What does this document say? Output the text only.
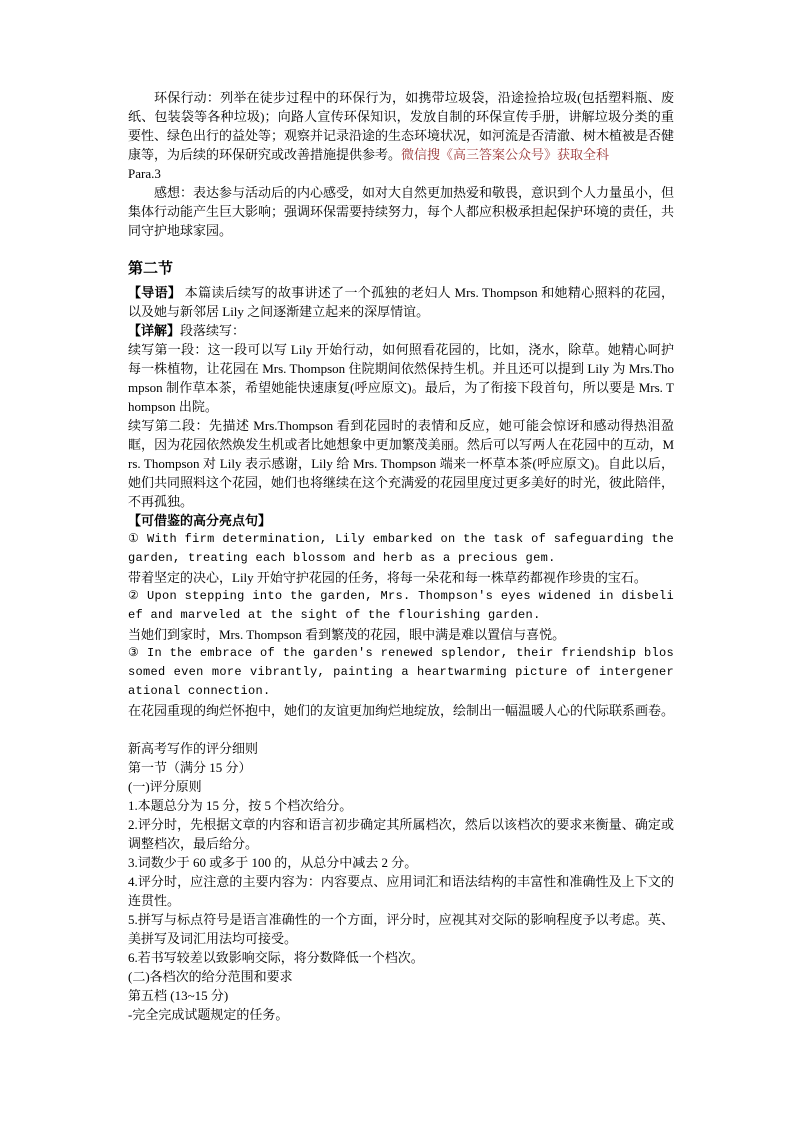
环保行动：列举在徒步过程中的环保行为，如携带垃圾袋，沿途捡拾垃圾(包括塑料瓶、废纸、包装袋等各种垃圾)；向路人宣传环保知识，发放自制的环保宣传手册，讲解垃圾分类的重要性、绿色出行的益处等；观察并记录沿途的生态环境状况，如河流是否清澈、树木植被是否健康等，为后续的环保研究或改善措施提供参考。微信搜《高三答案公众号》获取全科

Para.3

感想：表达参与活动后的内心感受，如对大自然更加热爱和敬畏，意识到个人力量虽小，但集体行动能产生巨大影响；强调环保需要持续努力，每个人都应积极承担起保护环境的责任，共同守护地球家园。

第二节

【导语】 本篇读后续写的故事讲述了一个孤独的老妇人 Mrs. Thompson 和她精心照料的花园，以及她与新邻居 Lily 之间逐渐建立起来的深厚情谊。

【详解】段落续写：

续写第一段：这一段可以写 Lily 开始行动，如何照看花园的，比如，浇水，除草。她精心呵护每一株植物，让花园在 Mrs. Thompson 住院期间依然保持生机。并且还可以提到 Lily 为 Mrs.Thompson 制作草本茶，希望她能快速康复(呼应原文)。最后，为了衔接下段首句，所以要是 Mrs. Thompson 出院。

续写第二段：先描述 Mrs.Thompson 看到花园时的表情和反应，她可能会惊讶和感动得热泪盈眶，因为花园依然焕发生机或者比她想象中更加繁茂美丽。然后可以写两人在花园中的互动，Mrs. Thompson 对 Lily 表示感谢，Lily 给 Mrs. Thompson 端来一杯草本茶(呼应原文)。自此以后，她们共同照料这个花园，她们也将继续在这个充满爱的花园里度过更多美好的时光，彼此陪伴，不再孤独。

【可借鉴的高分亮点句】

① With firm determination, Lily embarked on the task of safeguarding the garden, treating each blossom and herb as a precious gem.

带着坚定的决心，Lily 开始守护花园的任务，将每一朵花和每一株草药都视作珍贵的宝石。

② Upon stepping into the garden, Mrs. Thompson's eyes widened in disbelief and marveled at the sight of the flourishing garden.

当她们到家时，Mrs. Thompson 看到繁茂的花园，眼中满是难以置信与喜悦。

③ In the embrace of the garden's renewed splendor, their friendship blossomed even more vibrantly, painting a heartwarming picture of intergenerational connection.

在花园重现的绚烂怀抱中，她们的友谊更加绚烂地绽放，绘制出一幅温暖人心的代际联系画卷。

新高考写作的评分细则

第一节（满分 15 分）

(一)评分原则

1.本题总分为 15 分，按 5 个档次给分。

2.评分时，先根据文章的内容和语言初步确定其所属档次，然后以该档次的要求来衡量、确定或调整档次，最后给分。

3.词数少于 60 或多于 100 的，从总分中减去 2 分。

4.评分时，应注意的主要内容为：内容要点、应用词汇和语法结构的丰富性和准确性及上下文的连贯性。

5.拼写与标点符号是语言准确性的一个方面，评分时，应视其对交际的影响程度予以考虑。英、美拼写及词汇用法均可接受。

6.若书写较差以致影响交际，将分数降低一个档次。

(二)各档次的给分范围和要求

第五档 (13~15 分)

-完全完成试题规定的任务。
